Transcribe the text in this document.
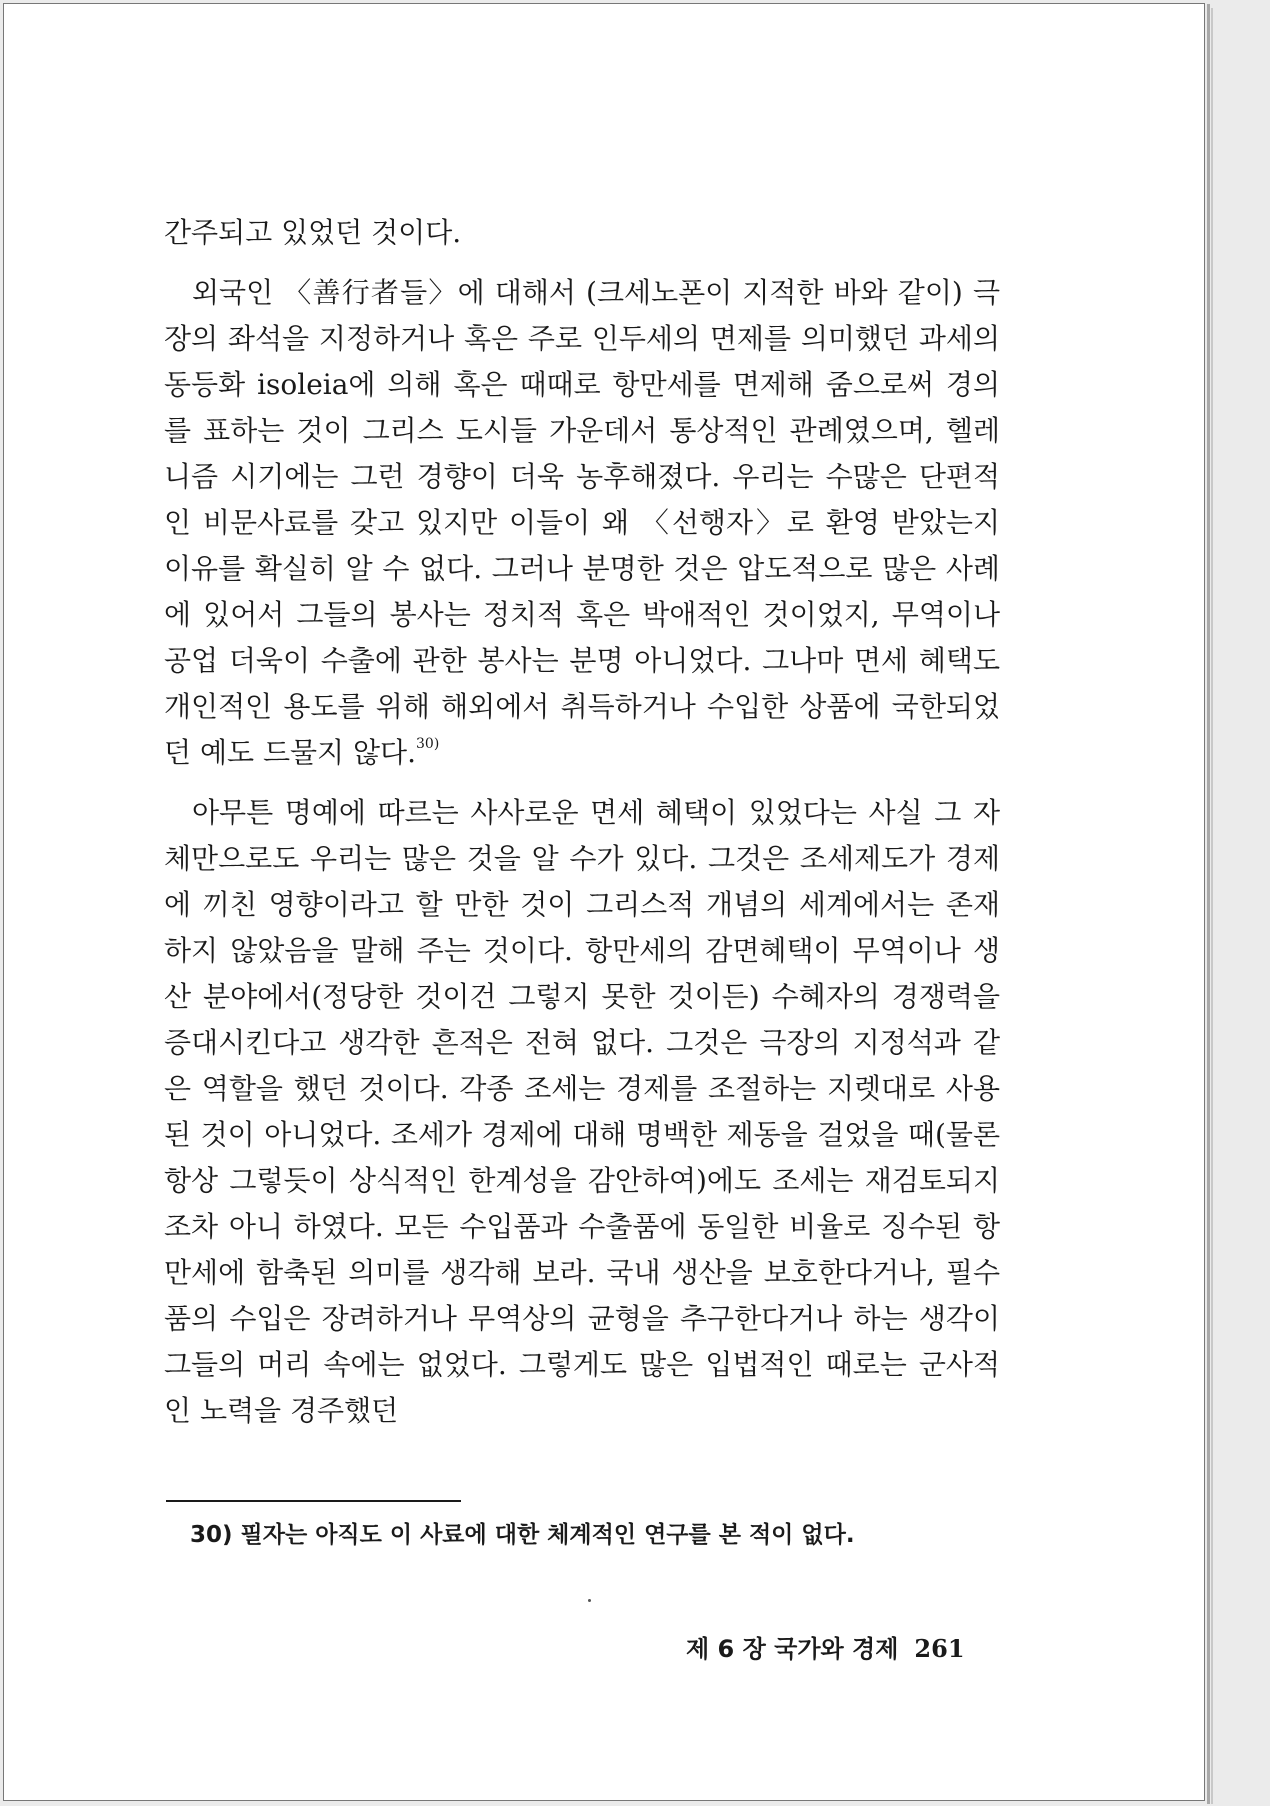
간주되고 있었던 것이다.

외국인 〈善行者들〉에 대해서 (크세노폰이 지적한 바와 같이) 극장의 좌석을 지정하거나 혹은 주로 인두세의 면제를 의미했던 과세의 동등화 isoleia에 의해 혹은 때때로 항만세를 면제해 줌으로써 경의를 표하는 것이 그리스 도시들 가운데서 통상적인 관례였으며, 헬레니즘 시기에는 그런 경향이 더욱 농후해졌다. 우리는 수많은 단편적인 비문사료를 갖고 있지만 이들이 왜 〈선행자〉로 환영 받았는지 이유를 확실히 알 수 없다. 그러나 분명한 것은 압도적으로 많은 사례에 있어서 그들의 봉사는 정치적 혹은 박애적인 것이었지, 무역이나 공업 더욱이 수출에 관한 봉사는 분명 아니었다. 그나마 면세 혜택도 개인적인 용도를 위해 해외에서 취득하거나 수입한 상품에 국한되었던 예도 드물지 않다.$^{30)}$

아무튼 명예에 따르는 사사로운 면세 혜택이 있었다는 사실 그 자체만으로도 우리는 많은 것을 알 수가 있다. 그것은 조세제도가 경제에 끼친 영향이라고 할 만한 것이 그리스적 개념의 세계에서는 존재하지 않았음을 말해 주는 것이다. 항만세의 감면혜택이 무역이나 생산 분야에서(정당한 것이건 그렇지 못한 것이든) 수혜자의 경쟁력을 증대시킨다고 생각한 흔적은 전혀 없다. 그것은 극장의 지정석과 같은 역할을 했던 것이다. 각종 조세는 경제를 조절하는 지렛대로 사용된 것이 아니었다. 조세가 경제에 대해 명백한 제동을 걸었을 때(물론 항상 그렇듯이 상식적인 한계성을 감안하여)에도 조세는 재검토되지조차 아니 하였다. 모든 수입품과 수출품에 동일한 비율로 징수된 항만세에 함축된 의미를 생각해 보라. 국내 생산을 보호한다거나, 필수품의 수입은 장려하거나 무역상의 균형을 추구한다거나 하는 생각이 그들의 머리 속에는 없었다. 그렇게도 많은 입법적인 때로는 군사적인 노력을 경주했던

30) 필자는 아직도 이 사료에 대한 체계적인 연구를 본 적이 없다.
제 6 장 국가와 경제 261
